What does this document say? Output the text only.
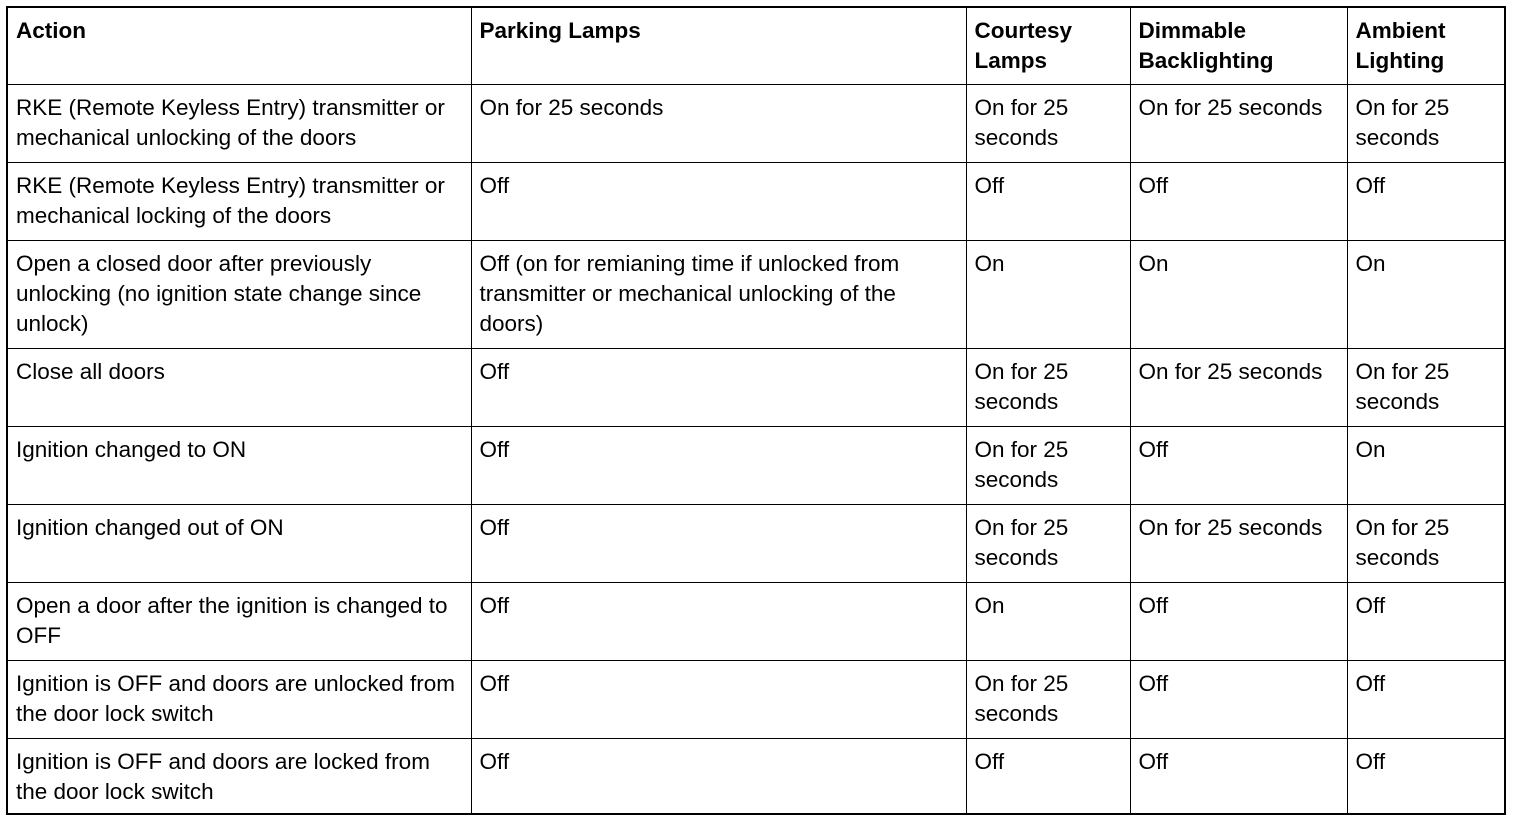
Action	Parking Lamps	Courtesy Lamps	Dimmable Backlighting	Ambient Lighting
RKE (Remote Keyless Entry) transmitter or mechanical unlocking of the doors	On for 25 seconds	On for 25 seconds	On for 25 seconds	On for 25 seconds
RKE (Remote Keyless Entry) transmitter or mechanical locking of the doors	Off	Off	Off	Off
Open a closed door after previously unlocking (no ignition state change since unlock)	Off (on for remianing time if unlocked from transmitter or mechanical unlocking of the doors)	On	On	On
Close all doors	Off	On for 25 seconds	On for 25 seconds	On for 25 seconds
Ignition changed to ON	Off	On for 25 seconds	Off	On
Ignition changed out of ON	Off	On for 25 seconds	On for 25 seconds	On for 25 seconds
Open a door after the ignition is changed to OFF	Off	On	Off	Off
Ignition is OFF and doors are unlocked from the door lock switch	Off	On for 25 seconds	Off	Off
Ignition is OFF and doors are locked from the door lock switch	Off	Off	Off	Off
